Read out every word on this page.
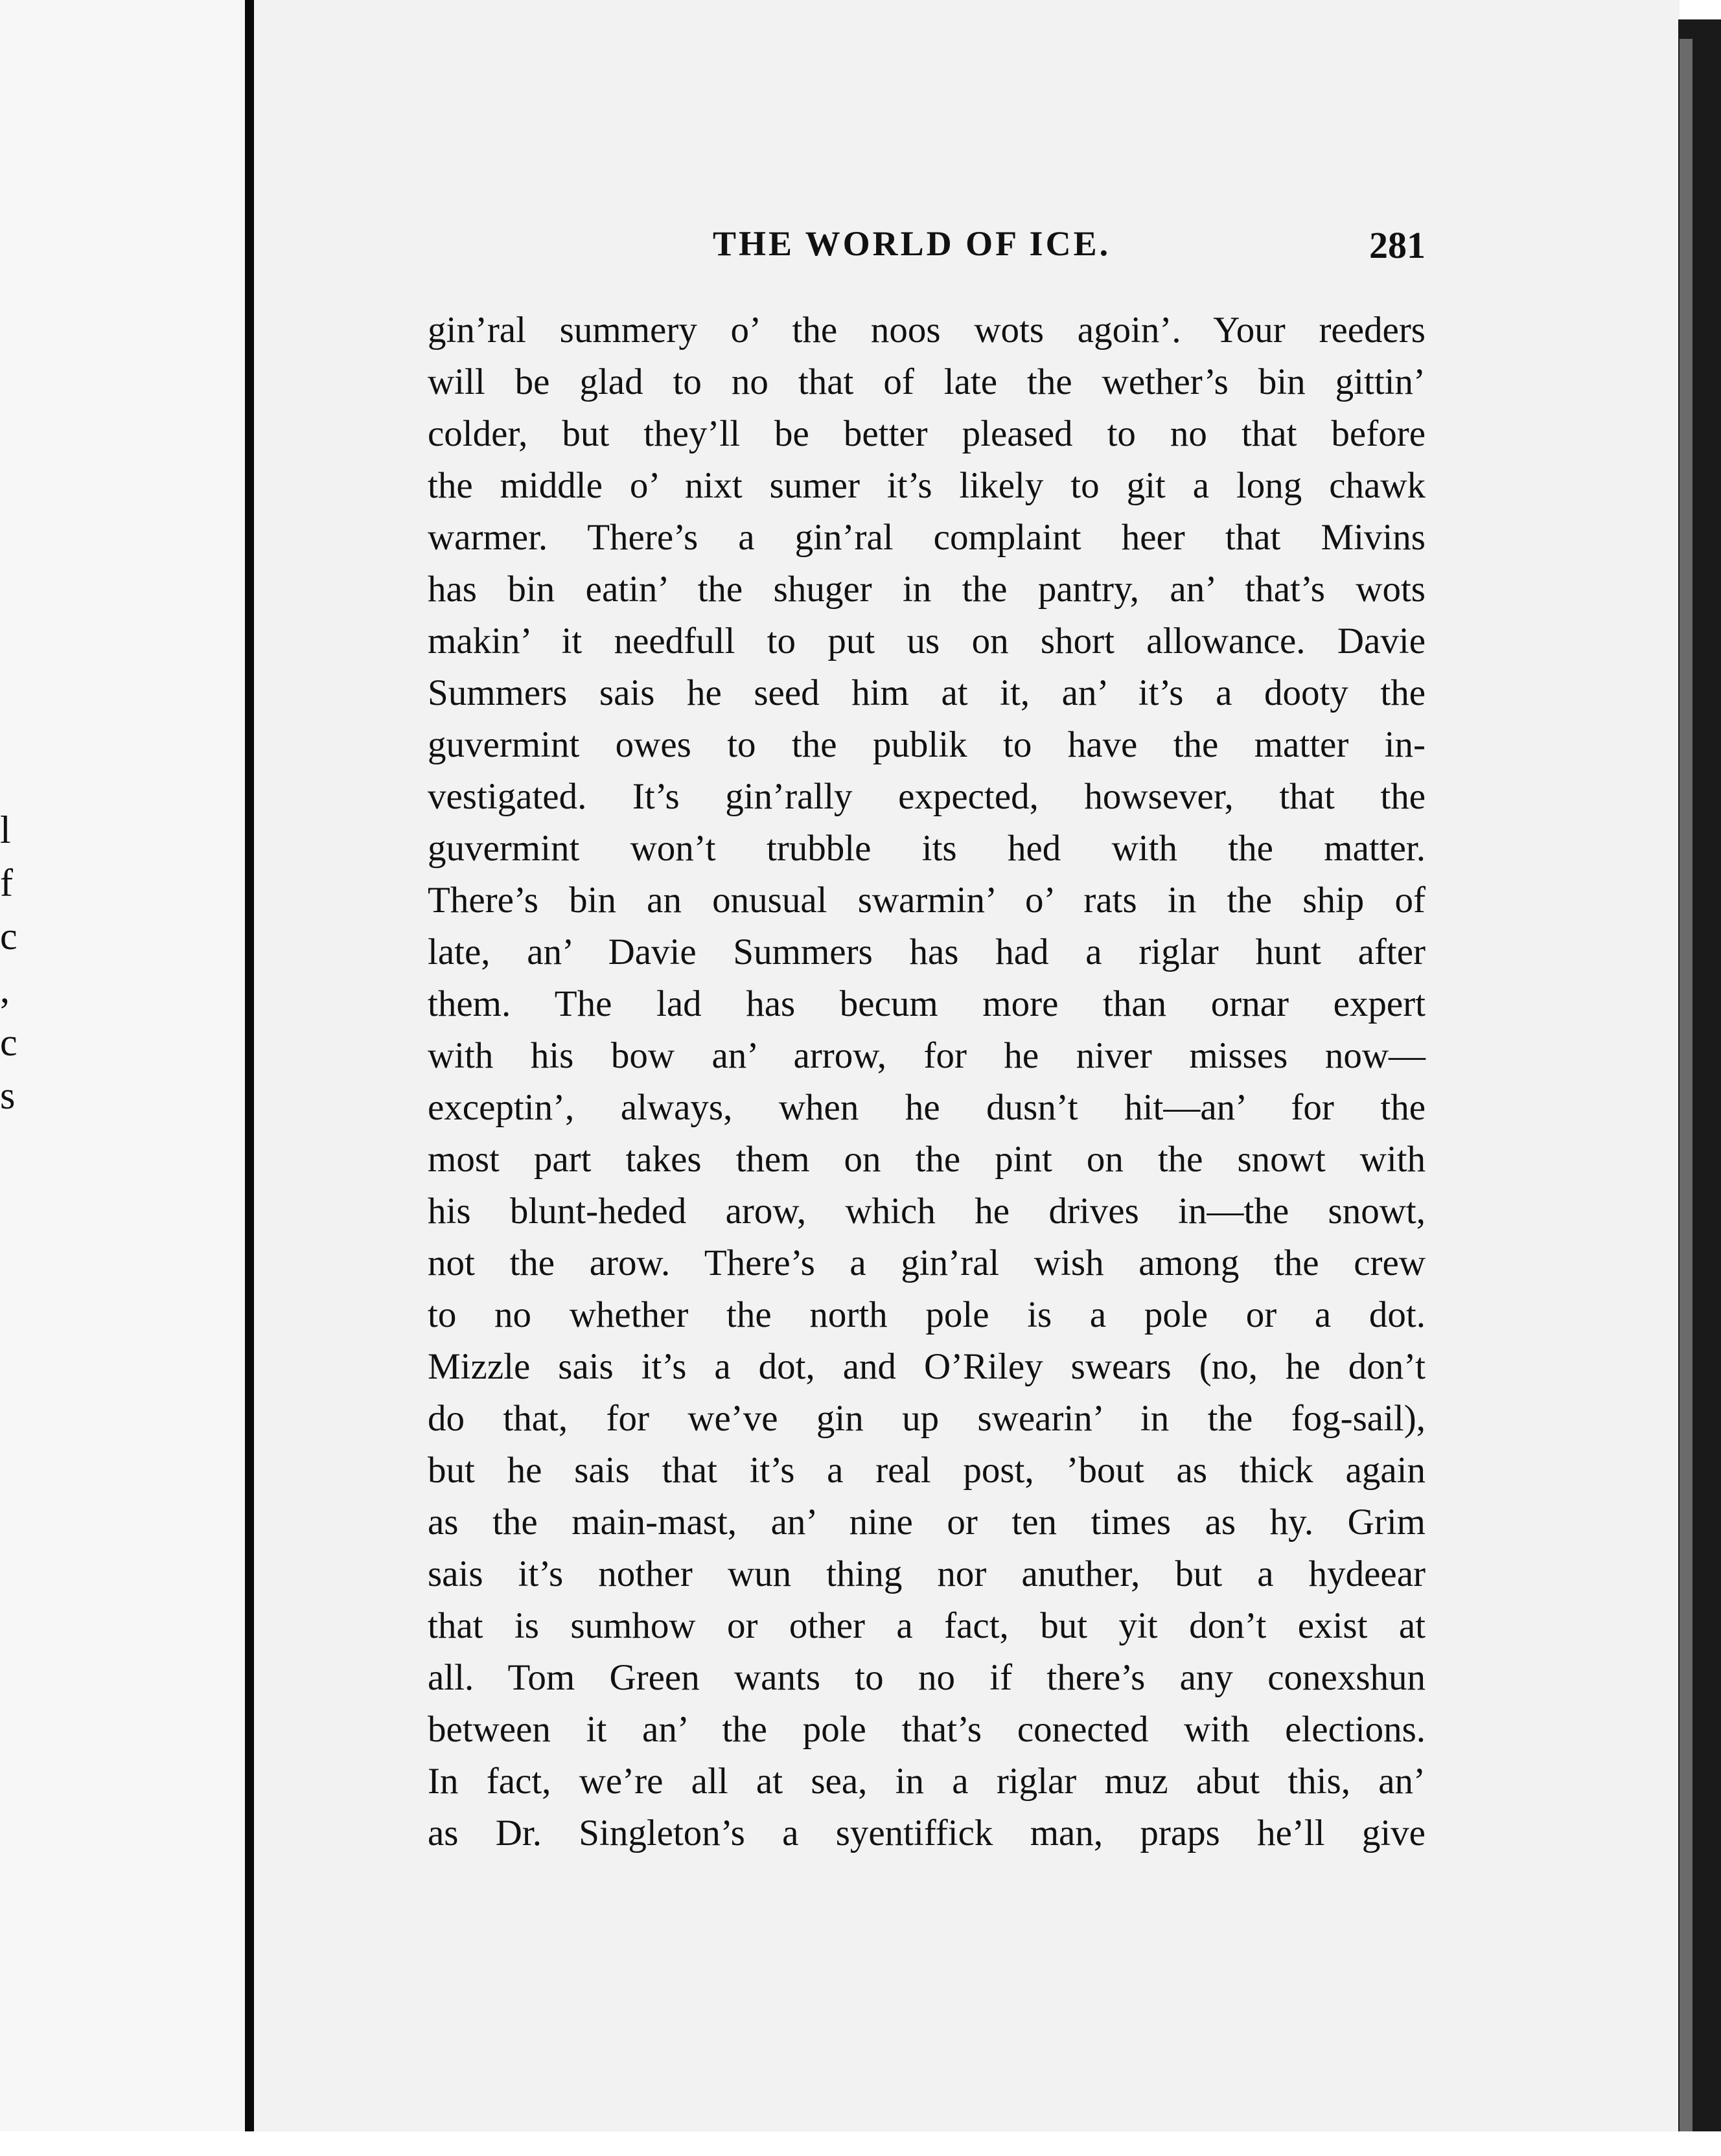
l
f
c
,
c
s
THE WORLD OF ICE.	281
gin’ral summery o’ the noos wots agoin’. Your reeders
will be glad to no that of late the wether’s bin gittin’
colder, but they’ll be better pleased to no that before
the middle o’ nixt sumer it’s likely to git a long chawk
warmer. There’s a gin’ral complaint heer that Mivins
has bin eatin’ the shuger in the pantry, an’ that’s wots
makin’ it needfull to put us on short allowance. Davie
Summers sais he seed him at it, an’ it’s a dooty the
guvermint owes to the publik to have the matter in-
vestigated. It’s gin’rally expected, howsever, that the
guvermint won’t trubble its hed with the matter.
There’s bin an onusual swarmin’ o’ rats in the ship of
late, an’ Davie Summers has had a riglar hunt after
them. The lad has becum more than ornar expert
with his bow an’ arrow, for he niver misses now—
exceptin’, always, when he dusn’t hit—an’ for the
most part takes them on the pint on the snowt with
his blunt-heded arow, which he drives in—the snowt,
not the arow. There’s a gin’ral wish among the crew
to no whether the north pole is a pole or a dot.
Mizzle sais it’s a dot, and O’Riley swears (no, he don’t
do that, for we’ve gin up swearin’ in the fog-sail),
but he sais that it’s a real post, ’bout as thick again
as the main-mast, an’ nine or ten times as hy. Grim
sais it’s nother wun thing nor anuther, but a hydeear
that is sumhow or other a fact, but yit don’t exist at
all. Tom Green wants to no if there’s any conexshun
between it an’ the pole that’s conected with elections.
In fact, we’re all at sea, in a riglar muz abut this, an’
as Dr. Singleton’s a syentiffick man, praps he’ll give
